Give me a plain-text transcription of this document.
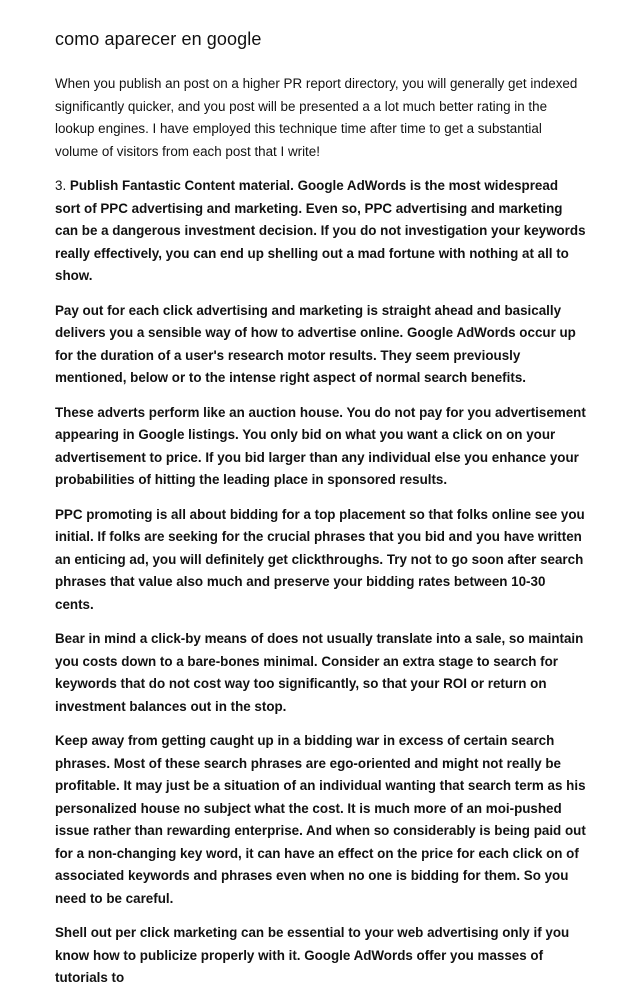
como aparecer en google

When you publish an post on a higher PR report directory, you will generally get indexed significantly quicker, and you post will be presented a a lot much better rating in the lookup engines. I have employed this technique time after time to get a substantial volume of visitors from each post that I write!

3. Publish Fantastic Content material. Google AdWords is the most widespread sort of PPC advertising and marketing. Even so, PPC advertising and marketing can be a dangerous investment decision. If you do not investigation your keywords really effectively, you can end up shelling out a mad fortune with nothing at all to show.

Pay out for each click advertising and marketing is straight ahead and basically delivers you a sensible way of how to advertise online. Google AdWords occur up for the duration of a user's research motor results. They seem previously mentioned, below or to the intense right aspect of normal search benefits.

These adverts perform like an auction house. You do not pay for you advertisement appearing in Google listings. You only bid on what you want a click on on your advertisement to price. If you bid larger than any individual else you enhance your probabilities of hitting the leading place in sponsored results.

PPC promoting is all about bidding for a top placement so that folks online see you initial. If folks are seeking for the crucial phrases that you bid and you have written an enticing ad, you will definitely get clickthroughs. Try not to go soon after search phrases that value also much and preserve your bidding rates between 10-30 cents.

Bear in mind a click-by means of does not usually translate into a sale, so maintain you costs down to a bare-bones minimal. Consider an extra stage to search for keywords that do not cost way too significantly, so that your ROI or return on investment balances out in the stop.

Keep away from getting caught up in a bidding war in excess of certain search phrases. Most of these search phrases are ego-oriented and might not really be profitable. It may just be a situation of an individual wanting that search term as his personalized house no subject what the cost. It is much more of an moi-pushed issue rather than rewarding enterprise. And when so considerably is being paid out for a non-changing key word, it can have an effect on the price for each click on of associated keywords and phrases even when no one is bidding for them. So you need to be careful.

Shell out per click marketing can be essential to your web advertising only if you know how to publicize properly with it. Google AdWords offer you masses of tutorials to
